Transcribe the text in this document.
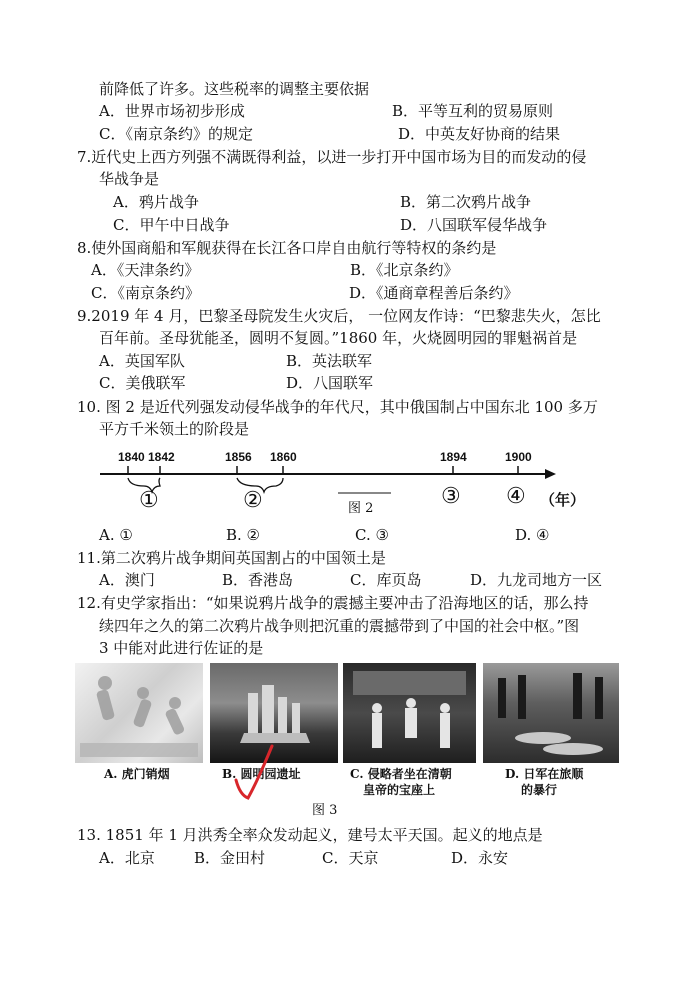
前降低了许多。这些税率的调整主要依据
A．世界市场初步形成	B．平等互利的贸易原则
C．《南京条约》的规定	D．中英友好协商的结果
7.近代史上西方列强不满既得利益，以进一步打开中国市场为目的而发动的侵
华战争是
A．鸦片战争	B．第二次鸦片战争
C．甲午中日战争	D．八国联军侵华战争
8.使外国商船和军舰获得在长江各口岸自由航行等特权的条约是
A．《天津条约》	B．《北京条约》
C．《南京条约》	D．《通商章程善后条约》
9.2019 年 4 月，巴黎圣母院发生火灾后， 一位网友作诗：“巴黎悲失火，怎比
百年前。圣母犹能圣，圆明不复圆。”1860 年，火烧圆明园的罪魁祸首是
A．英国军队	B．英法联军
C．美俄联军	D．八国联军
10. 图 2 是近代列强发动侵华战争的年代尺，其中俄国制占中国东北 100 多万
平方千米领土的阶段是
1840 1842	1856 1860	1894	1900
①	②	③ ④ （年）
图 2
A. ①	B. ②	C. ③	D. ④
11.第二次鸦片战争期间英国割占的中国领土是
A．澳门	B．香港岛	C．库页岛	D．九龙司地方一区
12.有史学家指出：“如果说鸦片战争的震撼主要冲击了沿海地区的话，那么持
续四年之久的第二次鸦片战争则把沉重的震撼带到了中国的社会中枢。”图
3 中能对此进行佐证的是
A. 虎门销烟	B. 圆明园遗址	C. 侵略者坐在清朝
皇帝的宝座上
D. 日军在旅顺
的暴行
图 3
13. 1851 年 1 月洪秀全率众发动起义，建号太平天国。起义的地点是
A．北京	B．金田村	C．天京	D．永安
